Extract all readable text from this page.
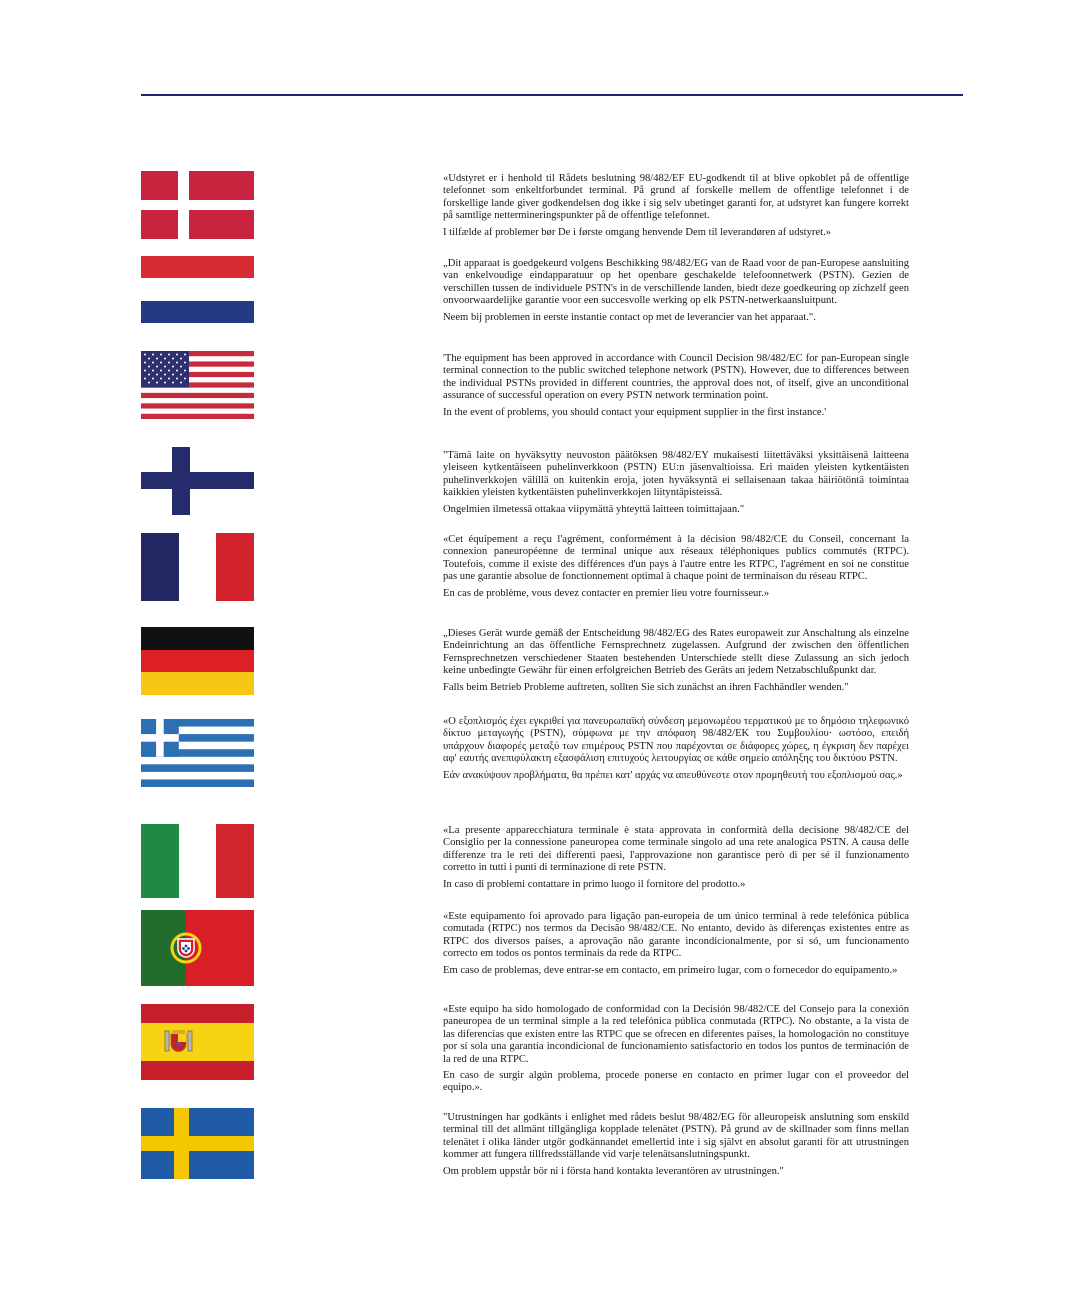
«Udstyret er i henhold til Rådets beslutning 98/482/EF EU-godkendt til at blive opkoblet på de offentlige telefonnet som enkeltforbundet terminal. På grund af forskelle mellem de offentlige telefonnet i de forskellige lande giver godkendelsen dog ikke i sig selv ubetinget garanti for, at udstyret kan fungere korrekt på samtlige nettermineringspunkter på de offentlige telefonnet.

I tilfælde af problemer bør De i første omgang henvende Dem til leverandøren af udstyret.»

„Dit apparaat is goedgekeurd volgens Beschikking 98/482/EG van de Raad voor de pan-Europese aansluiting van enkelvoudige eindapparatuur op het openbare geschakelde telefoonnetwerk (PSTN). Gezien de verschillen tussen de individuele PSTN's in de verschillende landen, biedt deze goedkeuring op zichzelf geen onvoorwaardelijke garantie voor een succesvolle werking op elk PSTN-netwerkaansluitpunt.

Neem bij problemen in eerste instantie contact op met de leverancier van het apparaat.".

'The equipment has been approved in accordance with Council Decision 98/482/EC for pan-European single terminal connection to the public switched telephone network (PSTN). However, due to differences between the individual PSTNs provided in different countries, the approval does not, of itself, give an unconditional assurance of successful operation on every PSTN network termination point.

In the event of problems, you should contact your equipment supplier in the first instance.'

"Tämä laite on hyväksytty neuvoston päätöksen 98/482/EY mukaisesti liitettäväksi yksittäisenä laitteena yleiseen kytkentäiseen puhelinverkkoon (PSTN) EU:n jäsenvaltioissa. Eri maiden yleisten kytkentäisten puhelinverkkojen välillä on kuitenkin eroja, joten hyväksyntä ei sellaisenaan takaa häiriötöntä toimintaa kaikkien yleisten kytkentäisten puhelinverkkojen liityntäpisteissä.

Ongelmien ilmetessä ottakaa viipymättä yhteyttä laitteen toimittajaan."

«Cet équipement a reçu l'agrément, conformément à la décision 98/482/CE du Conseil, concernant la connexion paneuropéenne de terminal unique aux réseaux téléphoniques publics commutés (RTPC). Toutefois, comme il existe des différences d'un pays à l'autre entre les RTPC, l'agrément en soi ne constitue pas une garantie absolue de fonctionnement optimal à chaque point de terminaison du réseau RTPC.

En cas de problème, vous devez contacter en premier lieu votre fournisseur.»

„Dieses Gerät wurde gemäß der Entscheidung 98/482/EG des Rates europaweit zur Anschaltung als einzelne Endeinrichtung an das öffentliche Fernsprechnetz zugelassen. Aufgrund der zwischen den öffentlichen Fernsprechnetzen verschiedener Staaten bestehenden Unterschiede stellt diese Zulassung an sich jedoch keine unbedingte Gewähr für einen erfolgreichen Betrieb des Geräts an jedem Netzabschlußpunkt dar.

Falls beim Betrieb Probleme auftreten, sollten Sie sich zunächst an ihren Fachhändler wenden."

«Ο εξοπλισμός έχει εγκριθεί για πανευρωπαϊκή σύνδεση μεμονωμέου τερματικού με το δημόσιο τηλεφωνικό δίκτυο μεταγωγής (PSTN), σύμφωνα με την απόφαση 98/482/ΕΚ του Συμβουλίου· ωστόσο, επειδή υπάρχουν διαφορές μεταξύ των επιμέρους PSTN που παρέχονται σε διάφορες χώρες, η έγκριση δεν παρέχει αφ' εαυτής ανεπιφύλακτη εξασφάλιση επιτυχούς λειτουργίας σε κάθε σημείο απόληξης του δικτύου PSTN.

Εάν ανακύψουν προβλήματα, θα πρέπει κατ' αρχάς να απευθύνεστε στον προμηθευτή του εξοπλισμού σας.»

«La presente apparecchiatura terminale è stata approvata in conformità della decisione 98/482/CE del Consiglio per la connessione paneuropea come terminale singolo ad una rete analogica PSTN. A causa delle differenze tra le reti dei differenti paesi, l'approvazione non garantisce però di per sé il funzionamento corretto in tutti i punti di terminazione di rete PSTN.

In caso di problemi contattare in primo luogo il fornitore del prodotto.»

«Este equipamento foi aprovado para ligação pan-europeia de um único terminal à rede telefónica pública comutada (RTPC) nos termos da Decisão 98/482/CE. No entanto, devido às diferenças existentes entre as RTPC dos diversos países, a aprovação não garante incondicionalmente, por si só, um funcionamento correcto em todos os pontos terminais da rede da RTPC.

Em caso de problemas, deve entrar-se em contacto, em primeiro lugar, com o fornecedor do equipamento.»

«Este equipo ha sido homologado de conformidad con la Decisión 98/482/CE del Consejo para la conexión paneuropea de un terminal simple a la red telefónica pública conmutada (RTPC). No obstante, a la vista de las diferencias que existen entre las RTPC que se ofrecen en diferentes países, la homologación no constituye por sí sola una garantía incondicional de funcionamiento satisfactorio en todos los puntos de terminación de la red de una RTPC.

En caso de surgir algún problema, procede ponerse en contacto en primer lugar con el proveedor del equipo.».

"Utrustningen har godkänts i enlighet med rådets beslut 98/482/EG för alleuropeisk anslutning som enskild terminal till det allmänt tillgängliga kopplade telenätet (PSTN). På grund av de skillnader som finns mellan telenätet i olika länder utgör godkännandet emellertid inte i sig självt en absolut garanti för att utrustningen kommer att fungera tillfredsställande vid varje telenätsanslutningspunkt.

Om problem uppstår bör ni i första hand kontakta leverantören av utrustningen."
